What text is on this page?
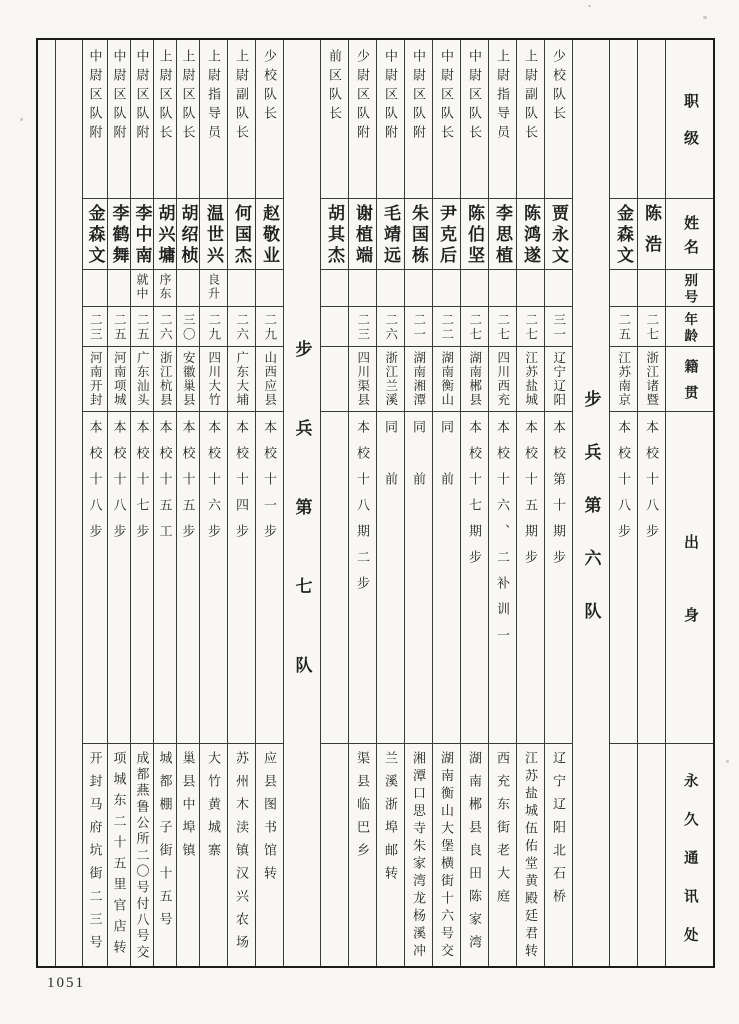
职级
姓名
别号
年龄
籍贯
出身
永久通讯处
陈浩
二七
浙江诸暨
本校十八步
金森文
二五
江苏南京
本校十八步
步兵第六队
少校队长
贾永文
三一
辽宁辽阳
本校第十期步
辽宁辽阳北石桥
上尉副队长
陈鸿遂
二七
江苏盐城
本校十五期步
江苏盐城伍佑堂黄殿廷君转
上尉指导员
李思植
二七
四川西充
本校十六、二补训一
西充东街老大庭
中尉区队长
陈伯坚
二七
湖南郴县
本校十七期步
湖南郴县良田陈家湾
中尉区队长
尹克后
二二
湖南衡山
同　前
湖南衡山大堡横街十六号交
中尉区队附
朱国栋
二一
湖南湘潭
同　前
湘潭口思寺朱家湾龙杨溪冲
中尉区队附
毛靖远
二六
浙江兰溪
同　前
兰溪浙埠邮转
少尉区队附
谢植端
二三
四川渠县
本校十八期二步
渠县临巴乡
前区队长
胡其杰
步兵第七队
少校队长
赵敬业
二九
山西应县
本校十一步
应县图书馆转
上尉副队长
何国杰
二六
广东大埔
本校十四步
苏州木渎镇汉兴农场
上尉指导员
温世兴
良升
二九
四川大竹
本校十六步
大竹黄城寨
上尉区队长
胡绍桢
三〇
安徽巢县
本校十五步
巢县中埠镇
上尉区队长
胡兴墉
序东
二六
浙江杭县
本校十五工
城都棚子街十五号
中尉区队附
李中南
就中
二五
广东汕头
本校十七步
成都燕鲁公所二〇号付八号交
中尉区队附
李鹤舞
二五
河南项城
本校十八步
项城东二十五里官店转
中尉区队附
金森文
二三
河南开封
本校十八步
开封马府坑街二三号
1051
